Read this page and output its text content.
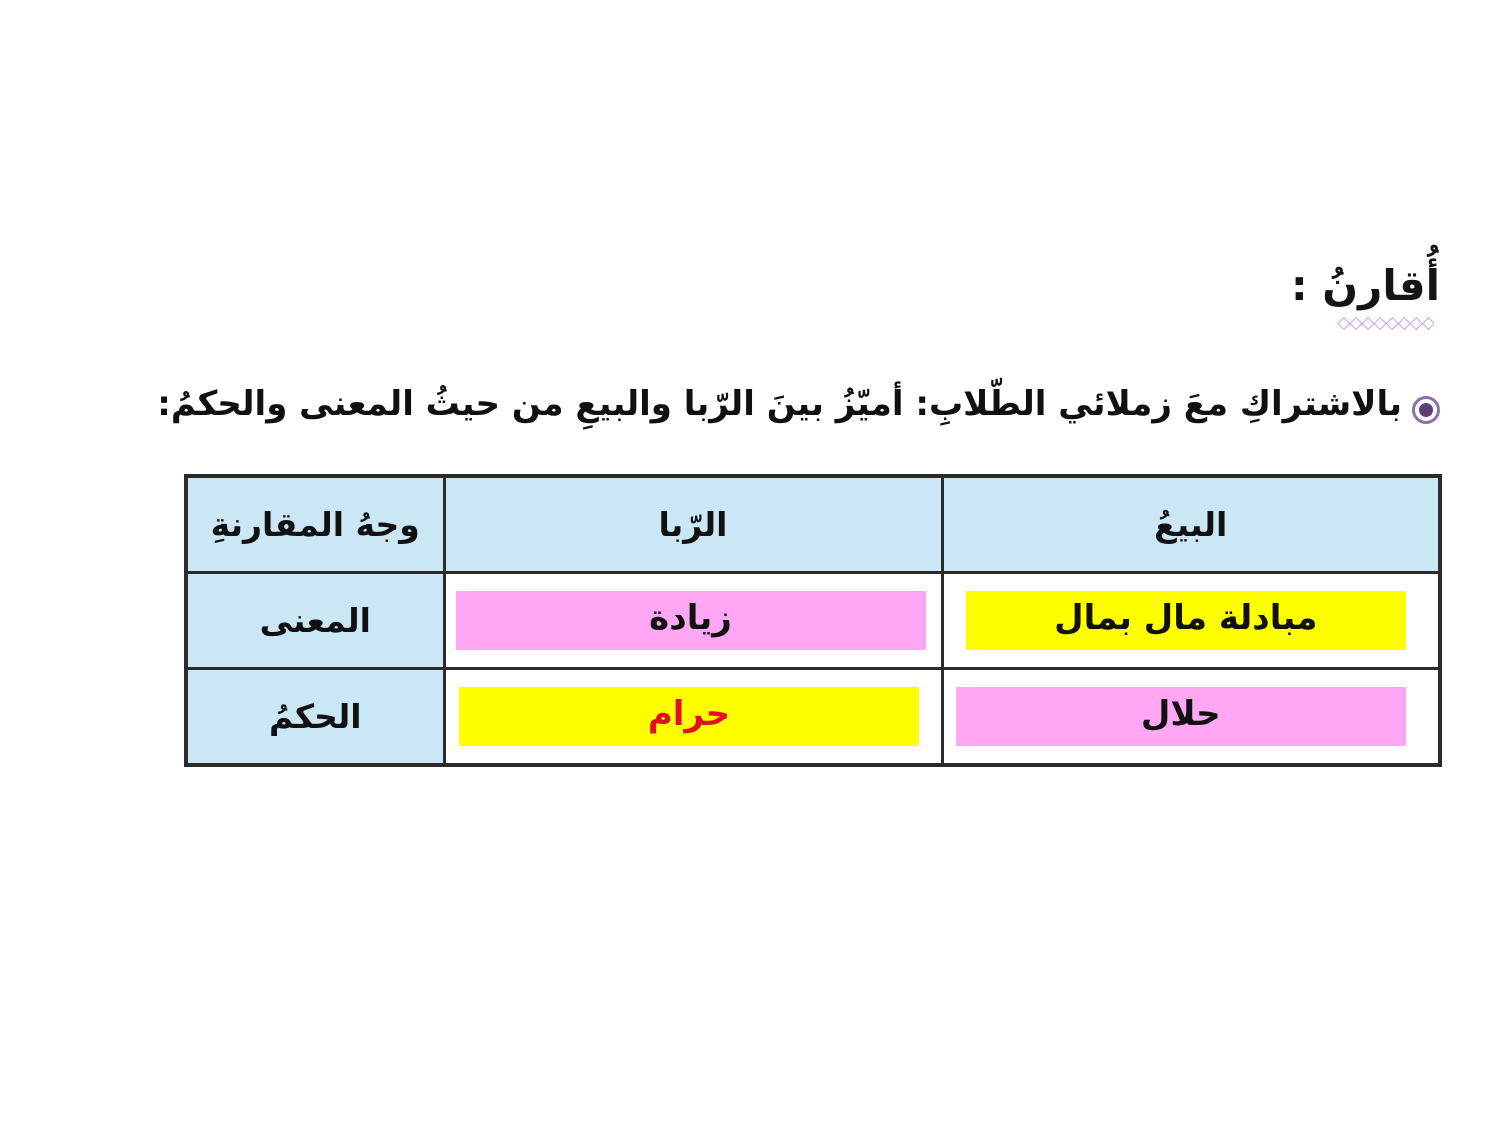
أُقارنُ :
◇◇◇◇◇◇◇◇
بالاشتراكِ معَ زملائي الطّلابِ: أميّزُ بينَ الرّبا والبيعِ من حيثُ المعنى والحكمُ:
البيعُ	الرّبا	وجهُ المقارنةِ

مبادلة مال بمال	زيادة	المعنى

حلال	حرام	الحكمُ
